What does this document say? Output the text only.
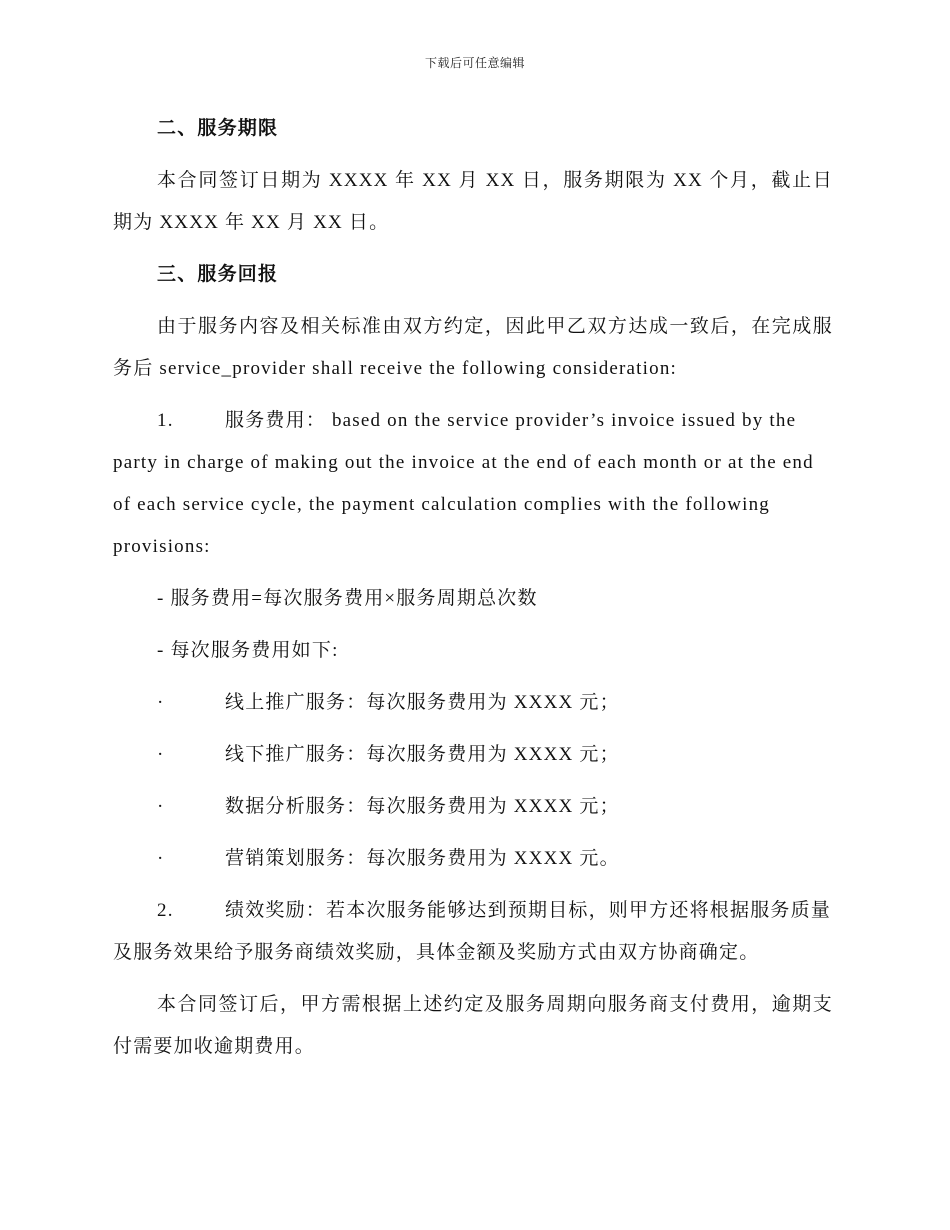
下载后可任意编辑

二、服务期限

本合同签订日期为 XXXX 年 XX 月 XX 日，服务期限为 XX 个月，截止日期为 XXXX 年 XX 月 XX 日。

三、服务回报

由于服务内容及相关标准由双方约定，因此甲乙双方达成一致后，在完成服务后 service_provider shall receive the following consideration:

1.	服务费用： based on the service provider’s invoice issued by the party in charge of making out the invoice at the end of each month or at the end of each service cycle, the payment calculation complies with the following provisions:

- 服务费用=每次服务费用×服务周期总次数

- 每次服务费用如下:

·	线上推广服务：每次服务费用为 XXXX 元；

·	线下推广服务：每次服务费用为 XXXX 元；

·	数据分析服务：每次服务费用为 XXXX 元；

·	营销策划服务：每次服务费用为 XXXX 元。

2.	绩效奖励：若本次服务能够达到预期目标，则甲方还将根据服务质量及服务效果给予服务商绩效奖励，具体金额及奖励方式由双方协商确定。

本合同签订后，甲方需根据上述约定及服务周期向服务商支付费用，逾期支付需要加收逾期费用。
